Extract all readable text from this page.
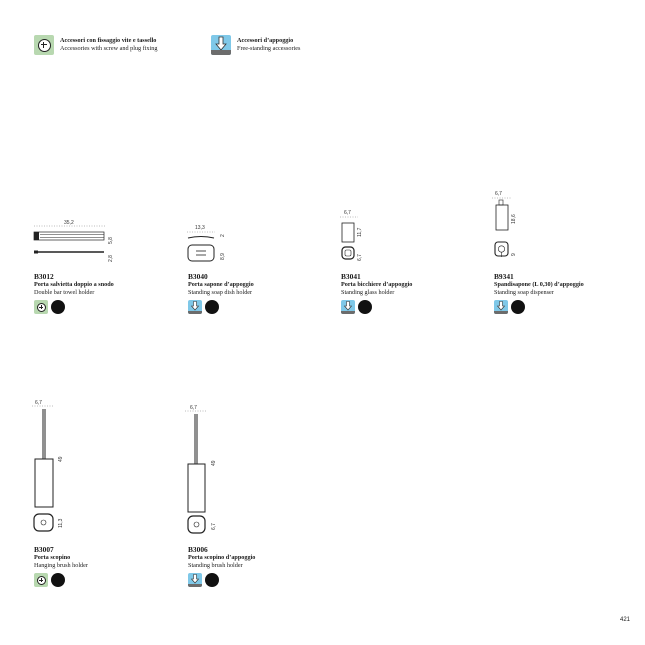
Accessori con fissaggio vite e tassello
Accessories with screw and plug fixing
Accessori d’appoggio
Free-standing accessories
35,2
5,8
2,8
13,3
2
8,9
6,7
11,7
6,7
6,7
18,6
9
6,7
49
11,3
6,7
49
6,7
B3012
Porta salvietta doppio a snodo
Double bar towel holder
B3040
Porta sapone d’appoggio
Standing soap dish holder
B3041
Porta bicchiere d’appoggio
Standing glass holder
B9341
Spandisapone (L 0,30) d’appoggio
Standing soap dispenser
B3007
Porta scopino
Hanging brush holder
B3006
Porta scopino d’appoggio
Standing brush holder
421
